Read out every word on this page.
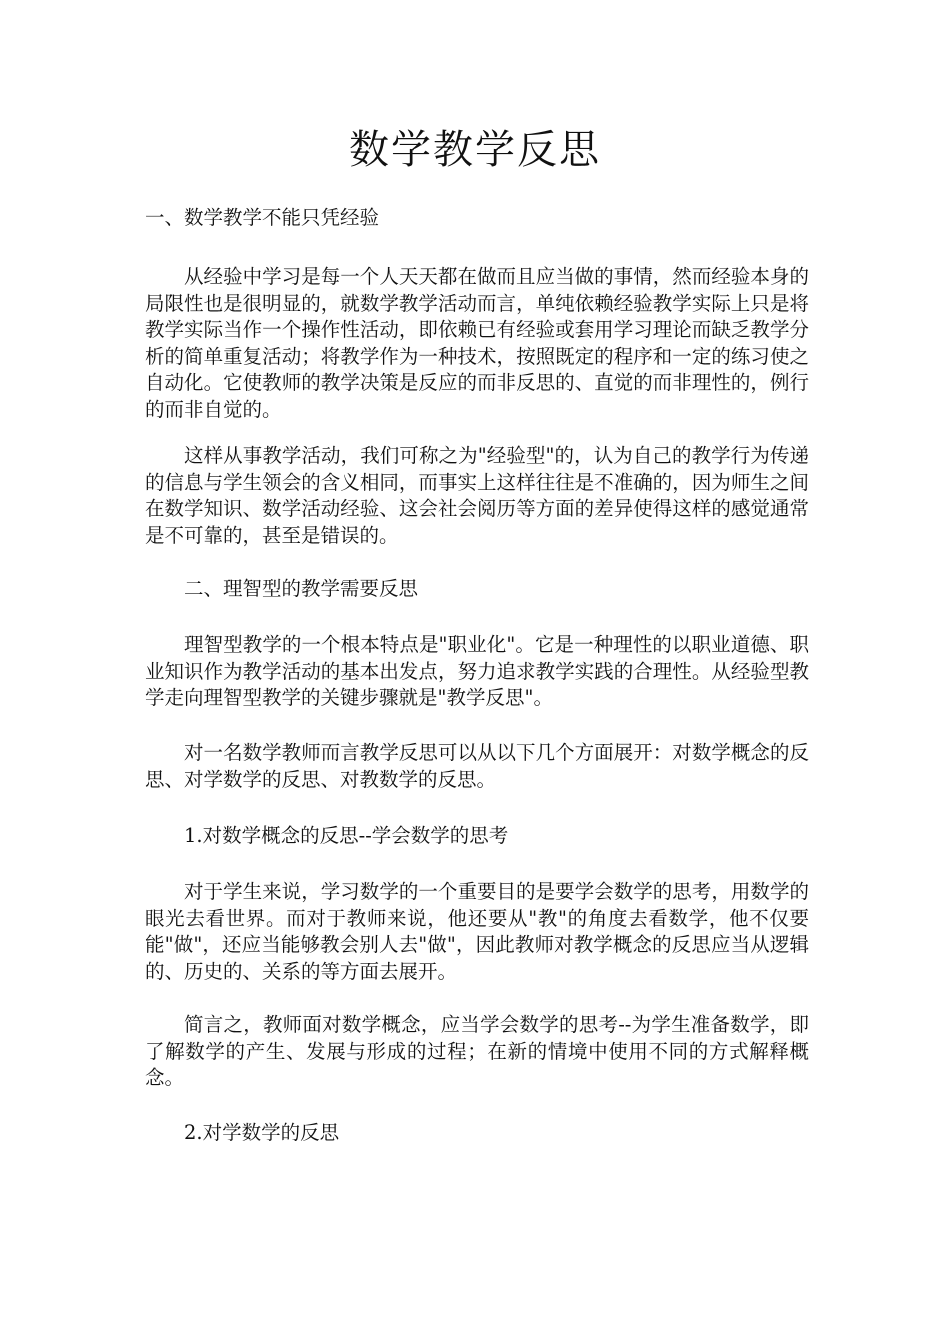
数学教学反思

一、数学教学不能只凭经验

从经验中学习是每一个人天天都在做而且应当做的事情，然而经验本身的局限性也是很明显的，就数学教学活动而言，单纯依赖经验教学实际上只是将教学实际当作一个操作性活动，即依赖已有经验或套用学习理论而缺乏教学分析的简单重复活动；将教学作为一种技术，按照既定的程序和一定的练习使之自动化。它使教师的教学决策是反应的而非反思的、直觉的而非理性的，例行的而非自觉的。

这样从事教学活动，我们可称之为"经验型"的，认为自己的教学行为传递的信息与学生领会的含义相同，而事实上这样往往是不准确的，因为师生之间在数学知识、数学活动经验、这会社会阅历等方面的差异使得这样的感觉通常是不可靠的，甚至是错误的。

二、理智型的教学需要反思

理智型教学的一个根本特点是"职业化"。它是一种理性的以职业道德、职业知识作为教学活动的基本出发点，努力追求教学实践的合理性。从经验型教学走向理智型教学的关键步骤就是"教学反思"。

对一名数学教师而言教学反思可以从以下几个方面展开：对数学概念的反思、对学数学的反思、对教数学的反思。

1.对数学概念的反思--学会数学的思考

对于学生来说，学习数学的一个重要目的是要学会数学的思考，用数学的眼光去看世界。而对于教师来说，他还要从"教"的角度去看数学，他不仅要能"做"，还应当能够教会别人去"做"，因此教师对教学概念的反思应当从逻辑的、历史的、关系的等方面去展开。

简言之，教师面对数学概念，应当学会数学的思考--为学生准备数学，即了解数学的产生、发展与形成的过程；在新的情境中使用不同的方式解释概念。

2.对学数学的反思
